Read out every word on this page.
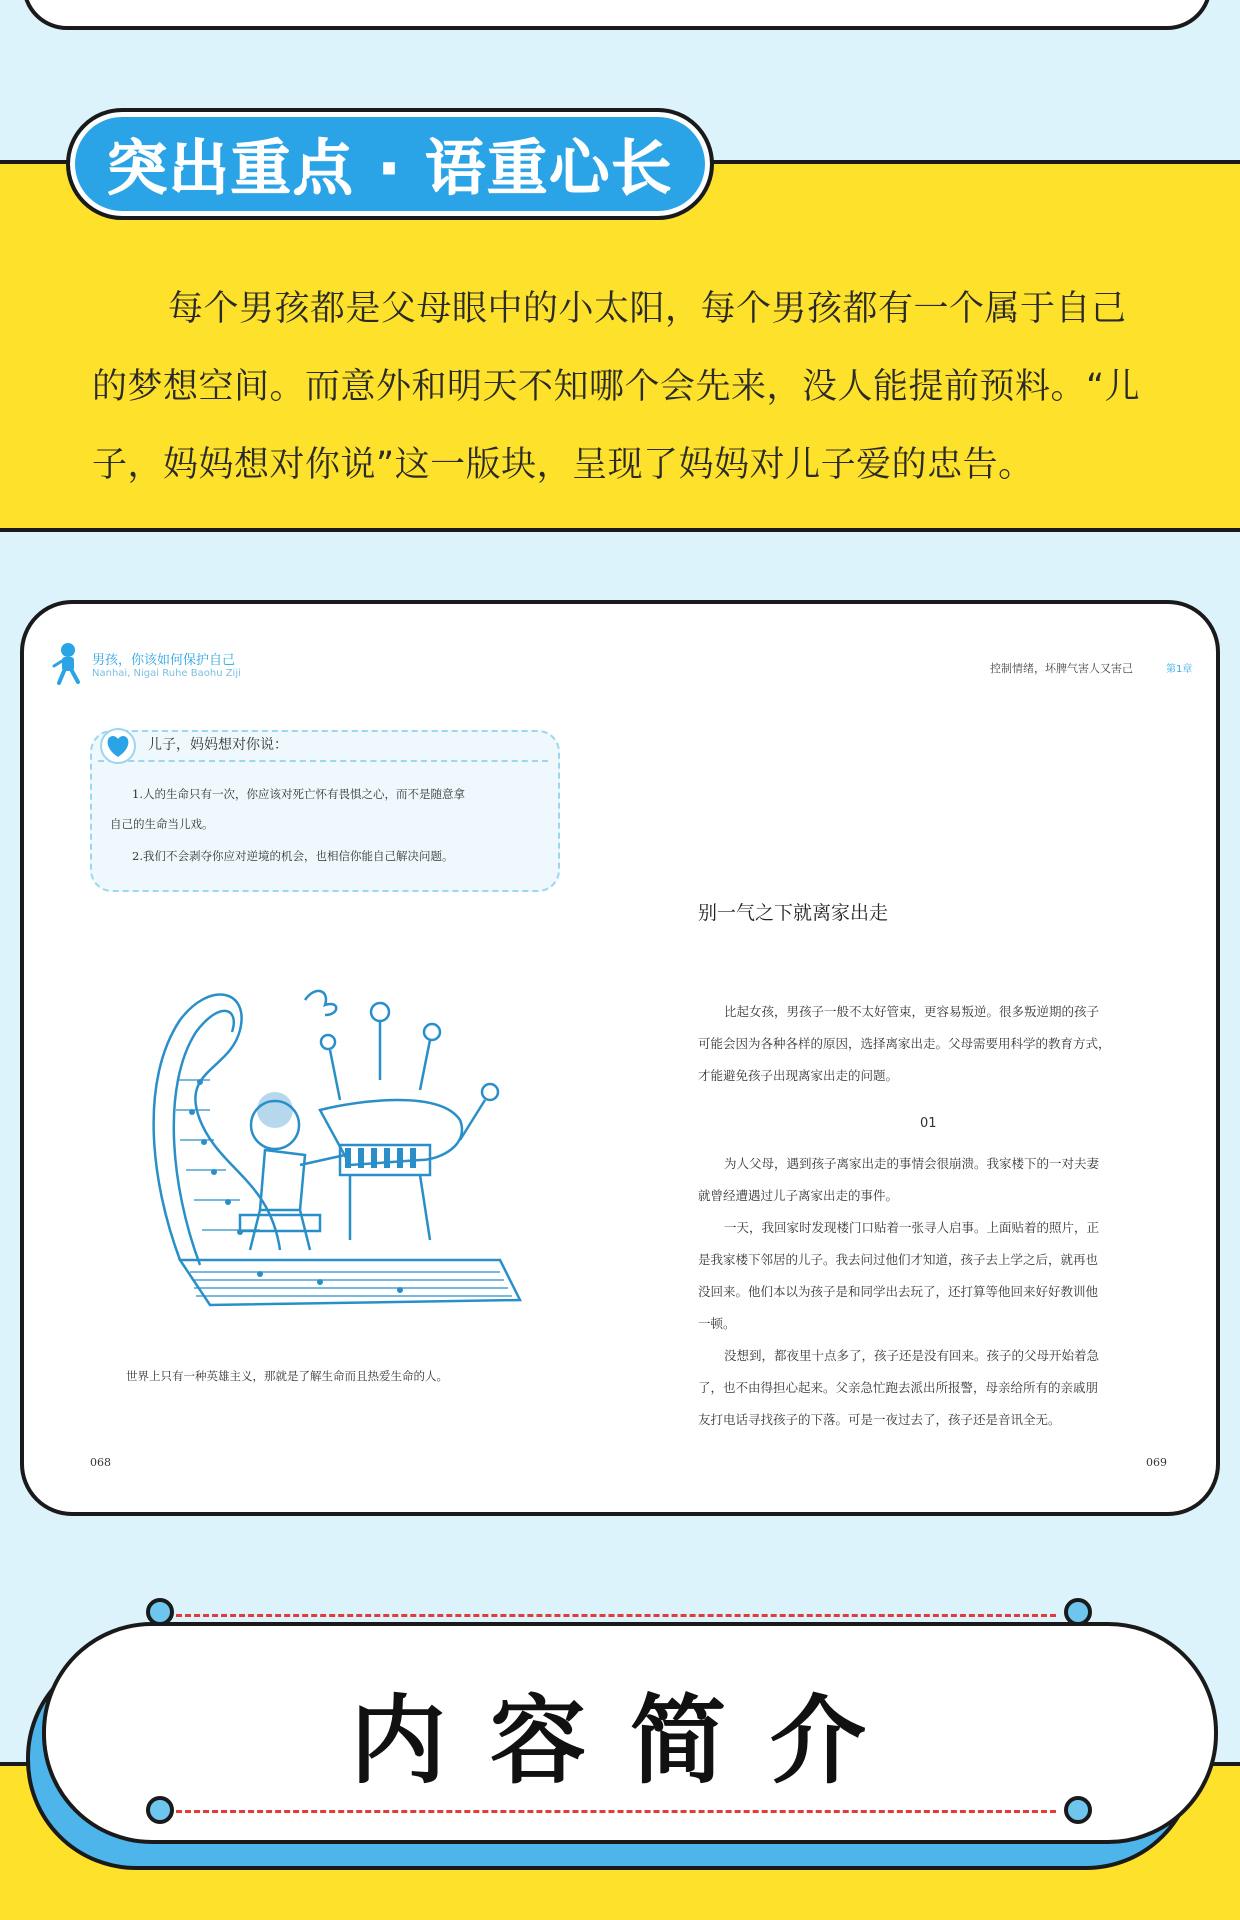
突出重点 · 语重心长
每个男孩都是父母眼中的小太阳，每个男孩都有一个属于自己的梦想空间。而意外和明天不知哪个会先来，没人能提前预料。“儿子，妈妈想对你说”这一版块，呈现了妈妈对儿子爱的忠告。
男孩，你该如何保护自己
Nanhai, Nigai Ruhe Baohu Ziji	控制情绪，坏脾气害人又害己	第1章
儿子，妈妈想对你说：
1.人的生命只有一次，你应该对死亡怀有畏惧之心，而不是随意拿
自己的生命当儿戏。
2.我们不会剥夺你应对逆境的机会，也相信你能自己解决问题。
世界上只有一种英雄主义，那就是了解生命而且热爱生命的人。
068
别一气之下就离家出走
比起女孩，男孩子一般不太好管束，更容易叛逆。很多叛逆期的孩子
可能会因为各种各样的原因，选择离家出走。父母需要用科学的教育方式，
才能避免孩子出现离家出走的问题。
01
为人父母，遇到孩子离家出走的事情会很崩溃。我家楼下的一对夫妻
就曾经遭遇过儿子离家出走的事件。
一天，我回家时发现楼门口贴着一张寻人启事。上面贴着的照片，正
是我家楼下邻居的儿子。我去问过他们才知道，孩子去上学之后，就再也
没回来。他们本以为孩子是和同学出去玩了，还打算等他回来好好教训他
一顿。
没想到，都夜里十点多了，孩子还是没有回来。孩子的父母开始着急
了，也不由得担心起来。父亲急忙跑去派出所报警，母亲给所有的亲戚朋
友打电话寻找孩子的下落。可是一夜过去了，孩子还是音讯全无。
069
内容简介
